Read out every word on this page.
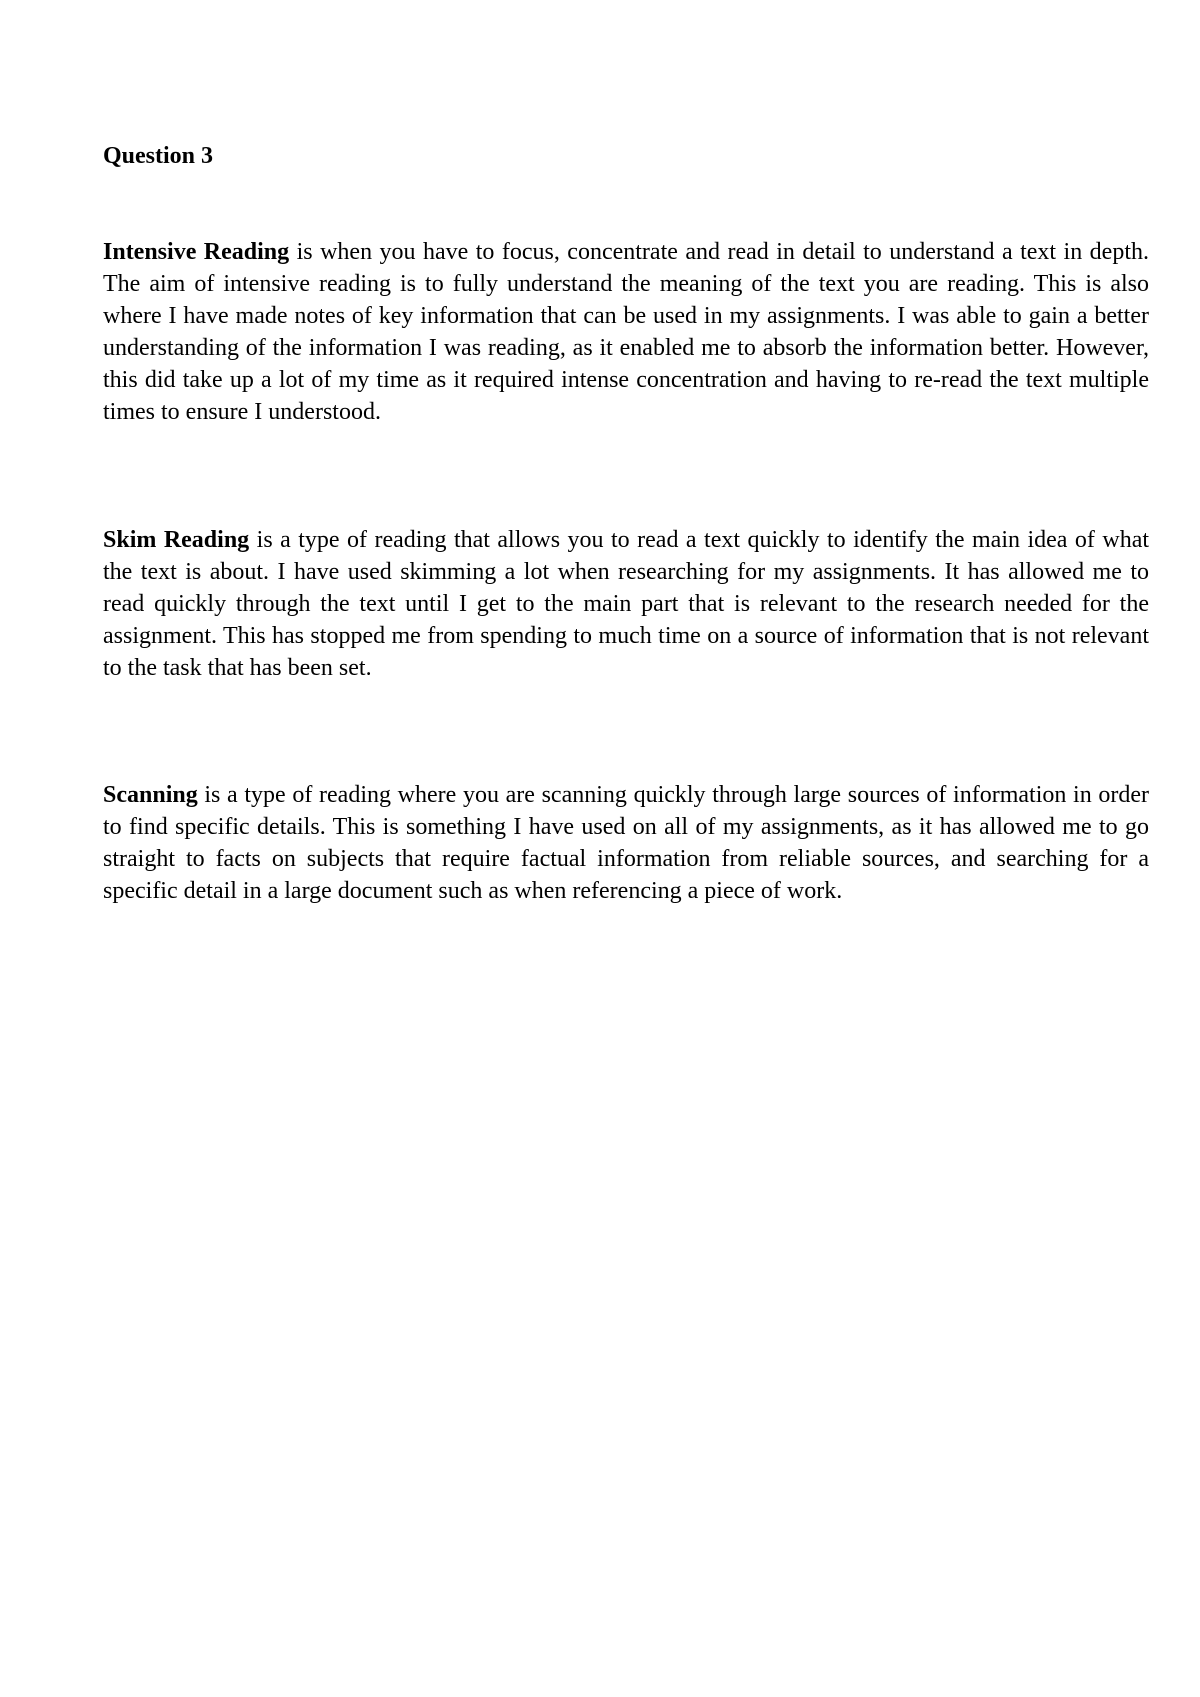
Question 3

Intensive Reading is when you have to focus, concentrate and read in detail to understand a text in depth. The aim of intensive reading is to fully understand the meaning of the text you are reading. This is also where I have made notes of key information that can be used in my assignments. I was able to gain a better understanding of the information I was reading, as it enabled me to absorb the information better. However, this did take up a lot of my time as it required intense concentration and having to re-read the text multiple times to ensure I understood.

Skim Reading is a type of reading that allows you to read a text quickly to identify the main idea of what the text is about. I have used skimming a lot when researching for my assignments. It has allowed me to read quickly through the text until I get to the main part that is relevant to the research needed for the assignment. This has stopped me from spending to much time on a source of information that is not relevant to the task that has been set.

Scanning is a type of reading where you are scanning quickly through large sources of information in order to find specific details. This is something I have used on all of my assignments, as it has allowed me to go straight to facts on subjects that require factual information from reliable sources, and searching for a specific detail in a large document such as when referencing a piece of work.
